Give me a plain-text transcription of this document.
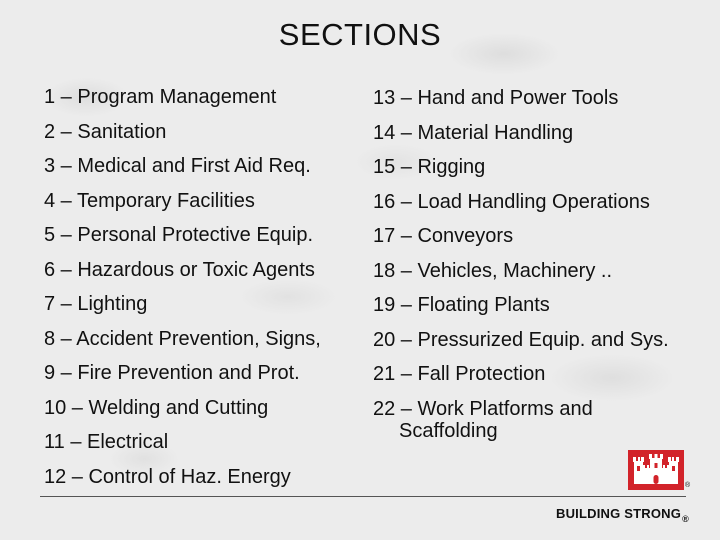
SECTIONS
1 – Program Management
2 – Sanitation
3 – Medical and First Aid Req.
4 – Temporary Facilities
5 – Personal Protective Equip.
6 – Hazardous or Toxic Agents
7 – Lighting
8 – Accident Prevention, Signs,
9 – Fire Prevention and Prot.
10 – Welding and Cutting
11 – Electrical
12 – Control of Haz. Energy
13 – Hand and Power Tools
14 – Material Handling
15 – Rigging
16 – Load Handling Operations
17 – Conveyors
18 – Vehicles, Machinery ..
19 – Floating Plants
20 – Pressurized Equip. and Sys.
21 – Fall Protection
22 – Work Platforms and
Scaffolding
®
BUILDING $STRONG_®$
